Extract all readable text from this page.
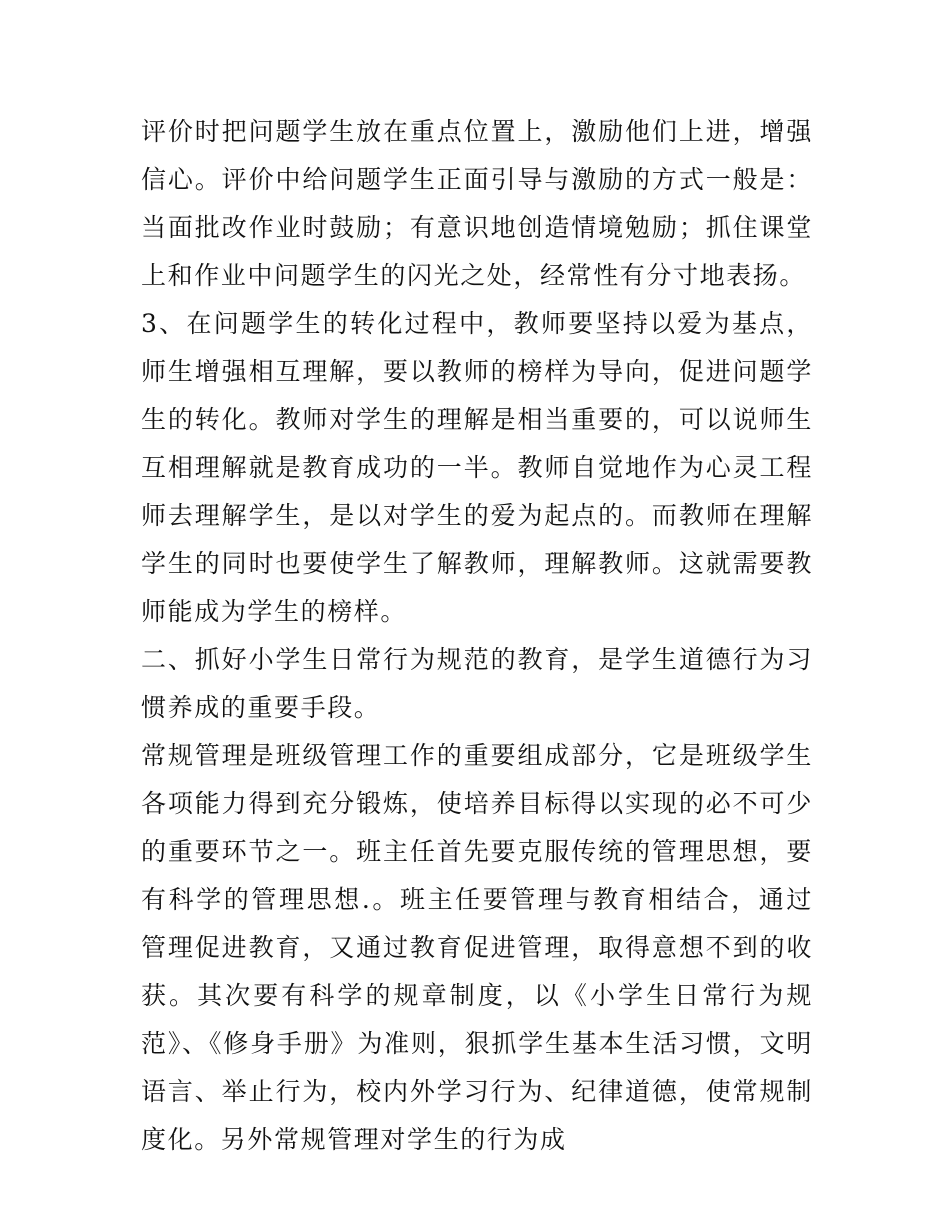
评价时把问题学生放在重点位置上，激励他们上进，增强信心。评价中给问题学生正面引导与激励的方式一般是：当面批改作业时鼓励；有意识地创造情境勉励；抓住课堂上和作业中问题学生的闪光之处，经常性有分寸地表扬。

3、在问题学生的转化过程中，教师要坚持以爱为基点，师生增强相互理解，要以教师的榜样为导向，促进问题学生的转化。教师对学生的理解是相当重要的，可以说师生互相理解就是教育成功的一半。教师自觉地作为心灵工程师去理解学生，是以对学生的爱为起点的。而教师在理解学生的同时也要使学生了解教师，理解教师。这就需要教师能成为学生的榜样。

二、抓好小学生日常行为规范的教育，是学生道德行为习惯养成的重要手段。

常规管理是班级管理工作的重要组成部分，它是班级学生各项能力得到充分锻炼，使培养目标得以实现的必不可少的重要环节之一。班主任首先要克服传统的管理思想，要有科学的管理思想.。班主任要管理与教育相结合，通过管理促进教育，又通过教育促进管理，取得意想不到的收获。其次要有科学的规章制度，以《小学生日常行为规范》、《修身手册》为准则，狠抓学生基本生活习惯，文明语言、举止行为，校内外学习行为、纪律道德，使常规制度化。另外常规管理对学生的行为成
